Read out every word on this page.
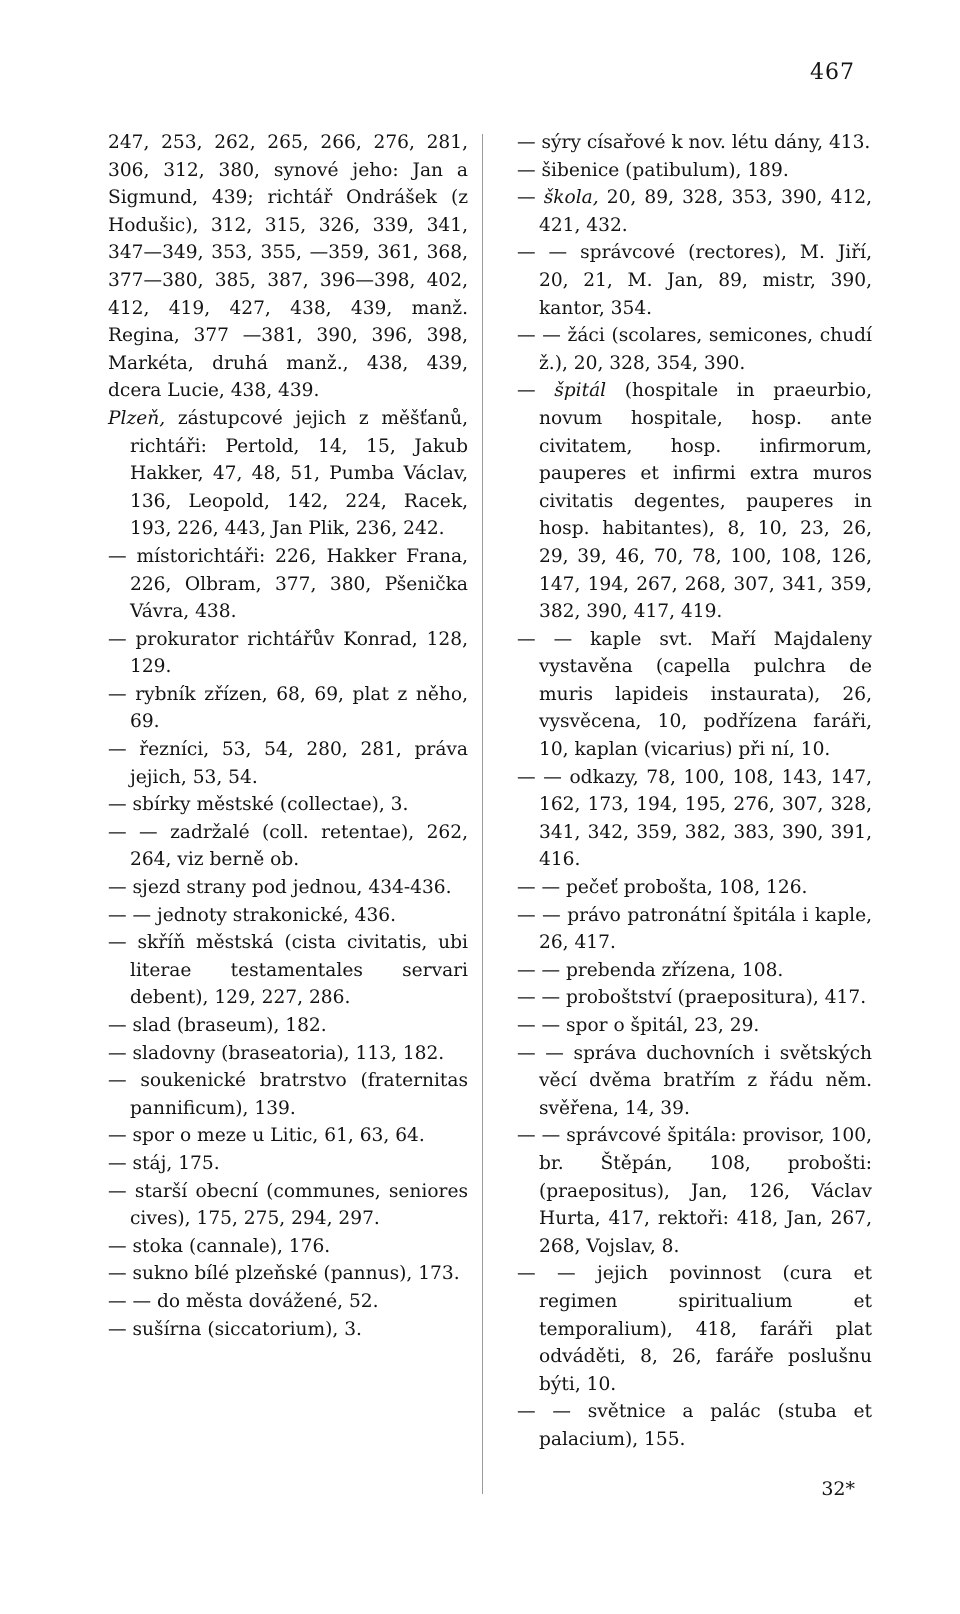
467

247, 253, 262, 265, 266, 276, 281, 306, 312, 380, synové jeho: Jan a Sigmund, 439; richtář Ondrášek (z Hodušic), 312, 315, 326, 339, 341, 347—349, 353, 355, —359, 361, 368, 377—380, 385, 387, 396—398, 402, 412, 419, 427, 438, 439, manž. Regina, 377 —381, 390, 396, 398, Markéta, druhá manž., 438, 439, dcera Lucie, 438, 439.

Plzeň, zástupcové jejich z měšťanů, richtáři: Pertold, 14, 15, Jakub Hakker, 47, 48, 51, Pumba Václav, 136, Leopold, 142, 224, Racek, 193, 226, 443, Jan Plik, 236, 242.

— místorichtáři: 226, Hakker Frana, 226, Olbram, 377, 380, Pšenička Vávra, 438.

— prokurator richtářův Konrad, 128, 129.

— rybník zřízen, 68, 69, plat z něho, 69.

— řezníci, 53, 54, 280, 281, práva jejich, 53, 54.

— sbírky městské (collectae), 3.

— — zadržalé (coll. retentae), 262, 264, viz berně ob.

— sjezd strany pod jednou, 434-436.

— — jednoty strakonické, 436.

— skříň městská (cista civitatis, ubi literae testamentales servari debent), 129, 227, 286.

— slad (braseum), 182.

— sladovny (braseatoria), 113, 182.

— soukenické bratrstvo (fraternitas pannificum), 139.

— spor o meze u Litic, 61, 63, 64.

— stáj, 175.

— starší obecní (communes, seniores cives), 175, 275, 294, 297.

— stoka (cannale), 176.

— sukno bílé plzeňské (pannus), 173.

— — do města dovážené, 52.

— sušírna (siccatorium), 3.

— sýry císařové k nov. létu dány, 413.

— šibenice (patibulum), 189.

— škola, 20, 89, 328, 353, 390, 412, 421, 432.

— — správcové (rectores), M. Jiří, 20, 21, M. Jan, 89, mistr, 390, kantor, 354.

— — žáci (scolares, semicones, chudí ž.), 20, 328, 354, 390.

— špitál (hospitale in praeurbio, novum hospitale, hosp. ante civitatem, hosp. infirmorum, pauperes et infirmi extra muros civitatis degentes, pauperes in hosp. habitantes), 8, 10, 23, 26, 29, 39, 46, 70, 78, 100, 108, 126, 147, 194, 267, 268, 307, 341, 359, 382, 390, 417, 419.

— — kaple svt. Maří Majdaleny vystavěna (capella pulchra de muris lapideis instaurata), 26, vysvěcena, 10, podřízena faráři, 10, kaplan (vicarius) při ní, 10.

— — odkazy, 78, 100, 108, 143, 147, 162, 173, 194, 195, 276, 307, 328, 341, 342, 359, 382, 383, 390, 391, 416.

— — pečeť probošta, 108, 126.

— — právo patronátní špitála i kaple, 26, 417.

— — prebenda zřízena, 108.

— — proboštství (praepositura), 417.

— — spor o špitál, 23, 29.

— — správa duchovních i světských věcí dvěma bratřím z řádu něm. svěřena, 14, 39.

— — správcové špitála: provisor, 100, br. Štěpán, 108, probošti: (praepositus), Jan, 126, Václav Hurta, 417, rektoři: 418, Jan, 267, 268, Vojslav, 8.

— — jejich povinnost (cura et regimen spiritualium et temporalium), 418, faráři plat odváděti, 8, 26, faráře poslušnu býti, 10.

— — světnice a palác (stuba et palacium), 155.

32*
